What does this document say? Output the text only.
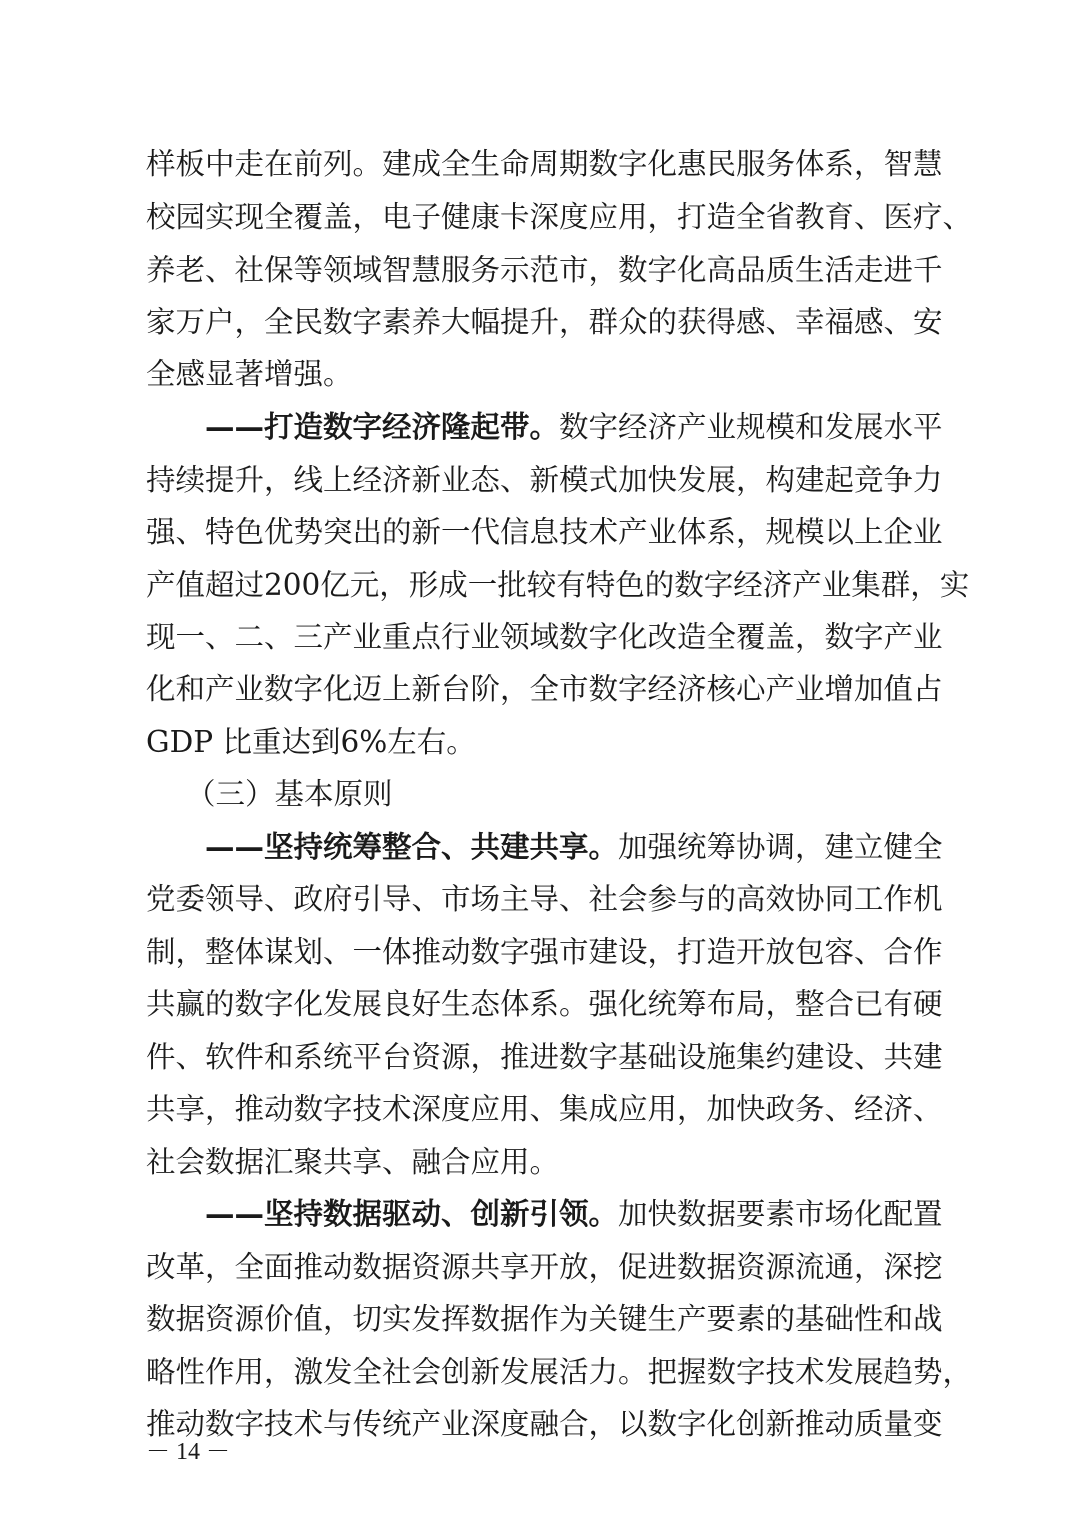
样板中走在前列。建成全生命周期数字化惠民服务体系，智慧
校园实现全覆盖，电子健康卡深度应用，打造全省教育、医疗、
养老、社保等领域智慧服务示范市，数字化高品质生活走进千
家万户，全民数字素养大幅提升，群众的获得感、幸福感、安
全感显著增强。
——打造数字经济隆起带。数字经济产业规模和发展水平
持续提升，线上经济新业态、新模式加快发展，构建起竞争力
强、特色优势突出的新一代信息技术产业体系，规模以上企业
产值超过200亿元，形成一批较有特色的数字经济产业集群，实
现一、二、三产业重点行业领域数字化改造全覆盖，数字产业
化和产业数字化迈上新台阶，全市数字经济核心产业增加值占
GDP 比重达到6%左右。
（三）基本原则
——坚持统筹整合、共建共享。加强统筹协调，建立健全
党委领导、政府引导、市场主导、社会参与的高效协同工作机
制，整体谋划、一体推动数字强市建设，打造开放包容、合作
共赢的数字化发展良好生态体系。强化统筹布局，整合已有硬
件、软件和系统平台资源，推进数字基础设施集约建设、共建
共享，推动数字技术深度应用、集成应用，加快政务、经济、
社会数据汇聚共享、融合应用。
——坚持数据驱动、创新引领。加快数据要素市场化配置
改革，全面推动数据资源共享开放，促进数据资源流通，深挖
数据资源价值，切实发挥数据作为关键生产要素的基础性和战
略性作用，激发全社会创新发展活力。把握数字技术发展趋势，
推动数字技术与传统产业深度融合，以数字化创新推动质量变
－ 14 －
